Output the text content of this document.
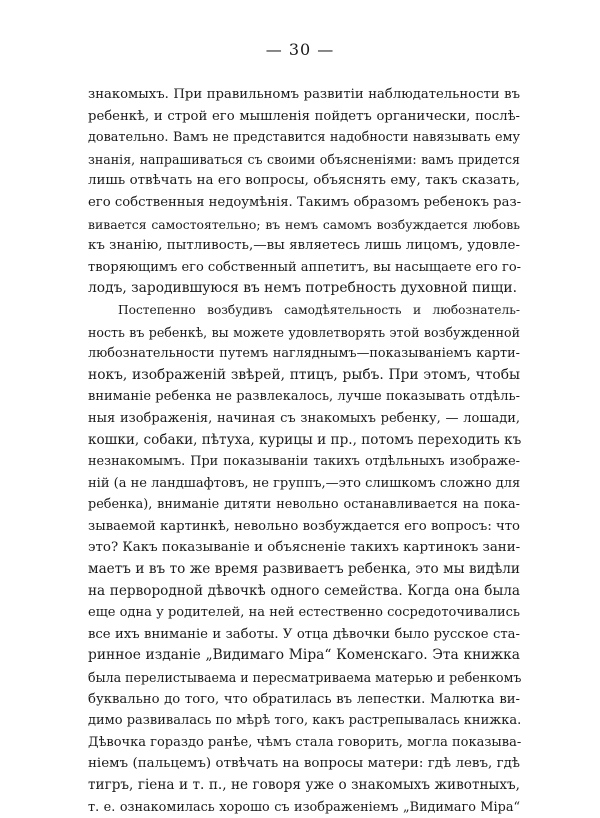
— 30 —
знакомыхъ. При правильномъ развитіи наблюдательности въ
ребенкѣ, и строй его мышленія пойдетъ органически, послѣ-
довательно. Вамъ не представится надобности навязывать ему
знанія, напрашиваться съ своими объясненіями: вамъ придется
лишь отвѣчать на его вопросы, объяснять ему, такъ сказать,
его собственныя недоумѣнія. Такимъ образомъ ребенокъ раз-
вивается самостоятельно; въ немъ самомъ возбуждается любовь
къ знанію, пытливость,—вы являетесь лишь лицомъ, удовле-
творяющимъ его собственный аппетитъ, вы насыщаете его го-
лодъ, зародившуюся въ немъ потребность духовной пищи.
Постепенно возбудивъ самодѣятельность и любознатель-
ность въ ребенкѣ, вы можете удовлетворять этой возбужденной
любознательности путемъ нагляднымъ—показываніемъ карти-
нокъ, изображеній звѣрей, птицъ, рыбъ. При этомъ, чтобы
вниманіе ребенка не развлекалось, лучше показывать отдѣль-
ныя изображенія, начиная съ знакомыхъ ребенку, — лошади,
кошки, собаки, пѣтуха, курицы и пр., потомъ переходить къ
незнакомымъ. При показываніи такихъ отдѣльныхъ изображе-
ній (а не ландшафтовъ, не группъ,—это слишкомъ сложно для
ребенка), вниманіе дитяти невольно останавливается на пока-
зываемой картинкѣ, невольно возбуждается его вопросъ: что
это? Какъ показываніе и объясненіе такихъ картинокъ зани-
маетъ и въ то же время развиваетъ ребенка, это мы видѣли
на первородной дѣвочкѣ одного семейства. Когда она была
еще одна у родителей, на ней естественно сосредоточивались
все ихъ вниманіе и заботы. У отца дѣвочки было русское ста-
ринное изданіе „Видимаго Міра“ Коменскаго. Эта книжка
была перелистываема и пересматриваема матерью и ребенкомъ
буквально до того, что обратилась въ лепестки. Малютка ви-
димо развивалась по мѣрѣ того, какъ растрепывалась книжка.
Дѣвочка гораздо ранѣе, чѣмъ стала говорить, могла показыва-
ніемъ (пальцемъ) отвѣчать на вопросы матери: гдѣ левъ, гдѣ
тигръ, гіена и т. п., не говоря уже о знакомыхъ животныхъ,
т. е. ознакомилась хорошо съ изображеніемъ „Видимаго Міра“
